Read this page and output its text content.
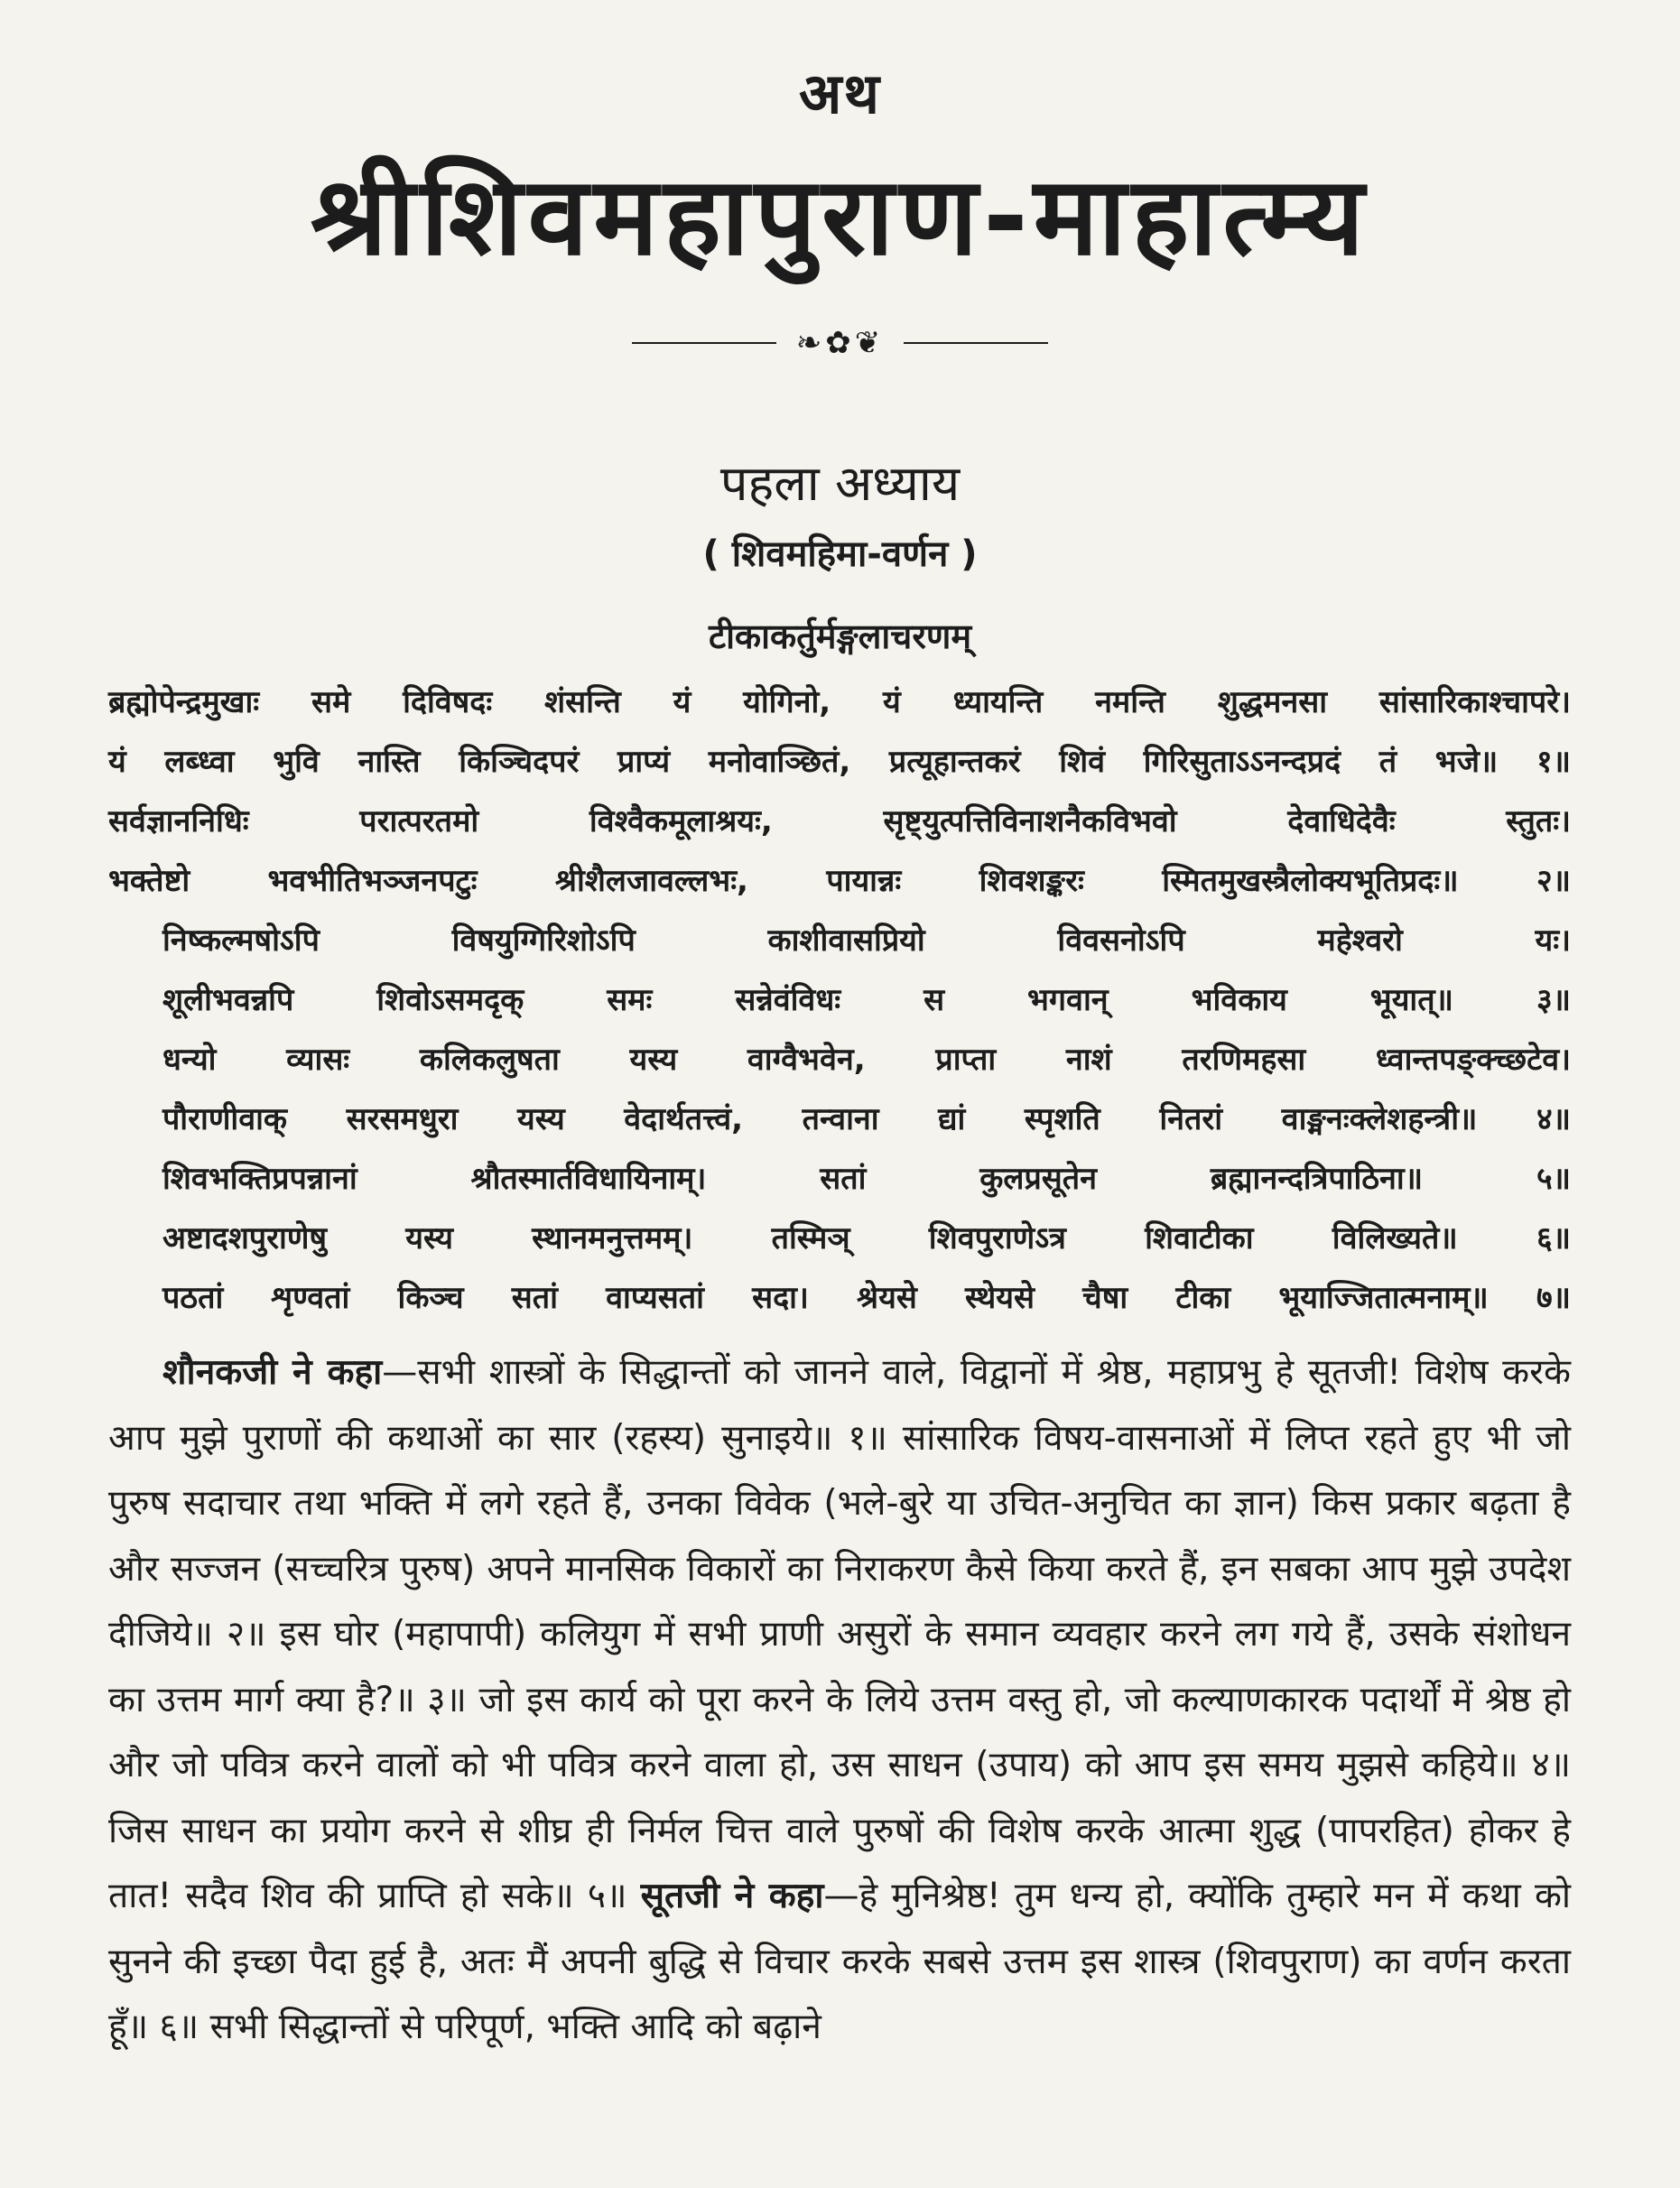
अथ
श्रीशिवमहापुराण-माहात्म्य
❧✿❦
पहला अध्याय
( शिवमहिमा-वर्णन )
टीकाकर्तुर्मङ्गलाचरणम्
ब्रह्मोपेन्द्रमुखाः समे दिविषदः शंसन्ति यं योगिनो, यं ध्यायन्ति नमन्ति शुद्धमनसा सांसारिकाश्चापरे।
यं लब्ध्वा भुवि नास्ति किञ्चिदपरं प्राप्यं मनोवाञ्छितं, प्रत्यूहान्तकरं शिवं गिरिसुताऽऽनन्दप्रदं तं भजे॥ १॥
सर्वज्ञाननिधिः परात्परतमो विश्वैकमूलाश्रयः, सृष्ट्युत्पत्तिविनाशनैकविभवो देवाधिदेवैः स्तुतः।
भक्तेष्टो भवभीतिभञ्जनपटुः श्रीशैलजावल्लभः, पायान्नः शिवशङ्करः स्मितमुखस्त्रैलोक्यभूतिप्रदः॥ २॥
निष्कल्मषोऽपि विषयुग्गिरिशोऽपि काशीवासप्रियो विवसनोऽपि महेश्वरो यः।
शूलीभवन्नपि शिवोऽसमदृक् समः सन्नेवंविधः स भगवान् भविकाय भूयात्॥ ३॥
धन्यो व्यासः कलिकलुषता यस्य वाग्वैभवेन, प्राप्ता नाशं तरणिमहसा ध्वान्तपङ्क्च्छटेव।
पौराणीवाक् सरसमधुरा यस्य वेदार्थतत्त्वं, तन्वाना द्यां स्पृशति नितरां वाङ्मनःक्लेशहन्त्री॥ ४॥
शिवभक्तिप्रपन्नानां श्रौतस्मार्तविधायिनाम्। सतां कुलप्रसूतेन ब्रह्मानन्दत्रिपाठिना॥ ५॥
अष्टादशपुराणेषु यस्य स्थानमनुत्तमम्। तस्मिञ् शिवपुराणेऽत्र शिवाटीका विलिख्यते॥ ६॥
पठतां शृण्वतां किञ्च सतां वाप्यसतां सदा। श्रेयसे स्थेयसे चैषा टीका भूयाज्जितात्मनाम्॥ ७॥

शौनकजी ने कहा—सभी शास्त्रों के सिद्धान्तों को जानने वाले, विद्वानों में श्रेष्ठ, महाप्रभु हे सूतजी! विशेष करके आप मुझे पुराणों की कथाओं का सार (रहस्य) सुनाइये॥ १॥ सांसारिक विषय-वासनाओं में लिप्त रहते हुए भी जो पुरुष सदाचार तथा भक्ति में लगे रहते हैं, उनका विवेक (भले-बुरे या उचित-अनुचित का ज्ञान) किस प्रकार बढ़ता है और सज्जन (सच्चरित्र पुरुष) अपने मानसिक विकारों का निराकरण कैसे किया करते हैं, इन सबका आप मुझे उपदेश दीजिये॥ २॥ इस घोर (महापापी) कलियुग में सभी प्राणी असुरों के समान व्यवहार करने लग गये हैं, उसके संशोधन का उत्तम मार्ग क्या है?॥ ३॥ जो इस कार्य को पूरा करने के लिये उत्तम वस्तु हो, जो कल्याणकारक पदार्थों में श्रेष्ठ हो और जो पवित्र करने वालों को भी पवित्र करने वाला हो, उस साधन (उपाय) को आप इस समय मुझसे कहिये॥ ४॥ जिस साधन का प्रयोग करने से शीघ्र ही निर्मल चित्त वाले पुरुषों की विशेष करके आत्मा शुद्ध (पापरहित) होकर हे तात! सदैव शिव की प्राप्ति हो सके॥ ५॥ सूतजी ने कहा—हे मुनिश्रेष्ठ! तुम धन्य हो, क्योंकि तुम्हारे मन में कथा को सुनने की इच्छा पैदा हुई है, अतः मैं अपनी बुद्धि से विचार करके सबसे उत्तम इस शास्त्र (शिवपुराण) का वर्णन करता हूँ॥ ६॥ सभी सिद्धान्तों से परिपूर्ण, भक्ति आदि को बढ़ाने
